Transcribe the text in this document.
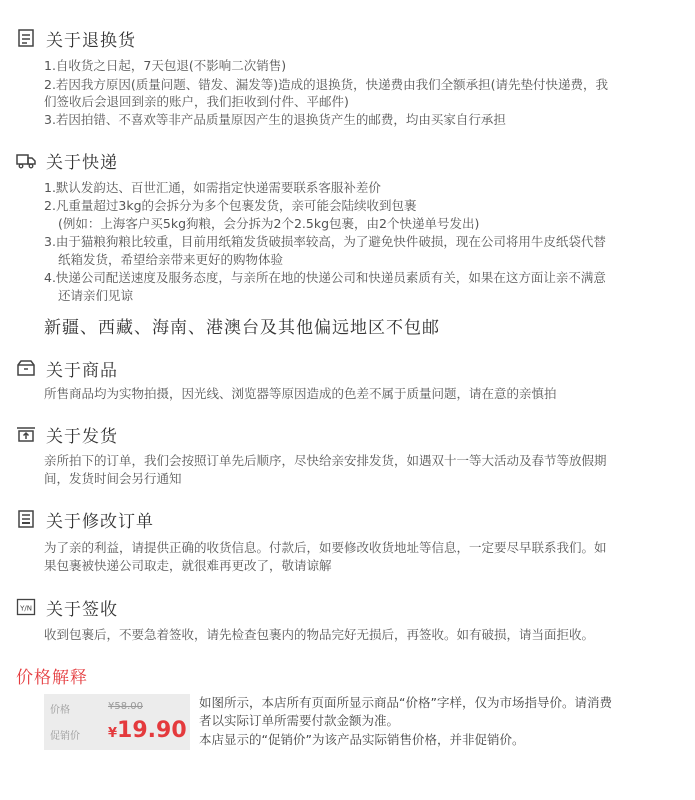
关于退换货
1.自收货之日起，7天包退(不影响二次销售)
2.若因我方原因(质量问题、错发、漏发等)造成的退换货，快递费由我们全额承担(请先垫付快递费，我
们签收后会退回到亲的账户，我们拒收到付件、平邮件)
3.若因拍错、不喜欢等非产品质量原因产生的退换货产生的邮费，均由买家自行承担
关于快递
1.默认发韵达、百世汇通，如需指定快递需要联系客服补差价
2.凡重量超过3kg的会拆分为多个包裹发货，亲可能会陆续收到包裹
(例如：上海客户买5kg狗粮，会分拆为2个2.5kg包裹，由2个快递单号发出)
3.由于猫粮狗粮比较重，目前用纸箱发货破损率较高，为了避免快件破损，现在公司将用牛皮纸袋代替
纸箱发货，希望给亲带来更好的购物体验
4.快递公司配送速度及服务态度，与亲所在地的快递公司和快递员素质有关，如果在这方面让亲不满意
还请亲们见谅
新疆、西藏、海南、港澳台及其他偏远地区不包邮
关于商品
所售商品均为实物拍摄，因光线、浏览器等原因造成的色差不属于质量问题，请在意的亲慎拍
关于发货
亲所拍下的订单，我们会按照订单先后顺序，尽快给亲安排发货，如遇双十一等大活动及春节等放假期
间，发货时间会另行通知
关于修改订单
为了亲的利益，请提供正确的收货信息。付款后，如要修改收货地址等信息，一定要尽早联系我们。如
果包裹被快递公司取走，就很难再更改了，敬请谅解
Y/N 关于签收
收到包裹后，不要急着签收，请先检查包裹内的物品完好无损后，再签收。如有破损，请当面拒收。
价格解释
价格	¥58.00
促销价 ¥19.90
如图所示，本店所有页面所显示商品“价格”字样，仅为市场指导价。请消费
者以实际订单所需要付款金额为准。
本店显示的“促销价”为该产品实际销售价格，并非促销价。
